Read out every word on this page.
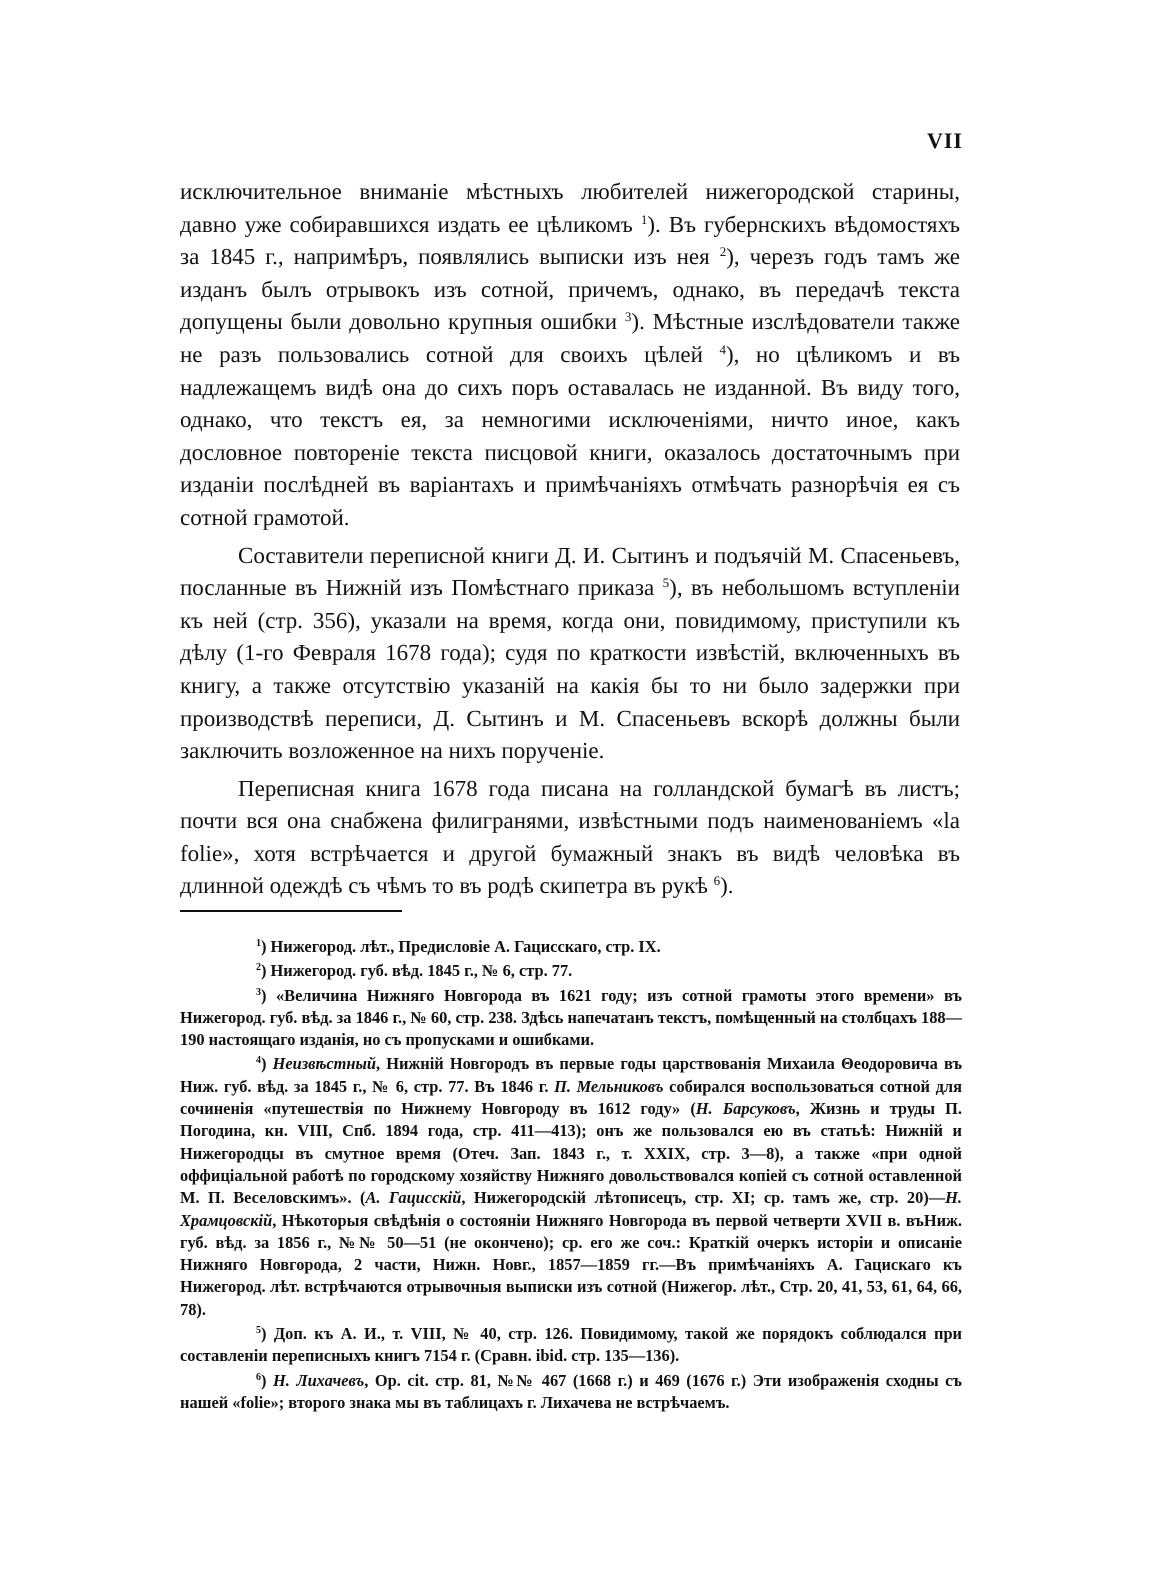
VII

исключительное вниманіе мѣстныхъ любителей нижегородской старины, давно уже собиравшихся издать ее цѣликомъ $^1$). Въ губернскихъ вѣдомостяхъ за 1845 г., напримѣръ, появлялись выписки изъ нея $^2$), черезъ годъ тамъ же изданъ былъ отрывокъ изъ сотной, причемъ, однако, въ передачѣ текста допущены были довольно крупныя ошибки $^3$). Мѣстные изслѣдователи также не разъ пользовались сотной для своихъ цѣлей $^4$), но цѣликомъ и въ надлежащемъ видѣ она до сихъ поръ оставалась не изданной. Въ виду того, однако, что текстъ ея, за немногими исключеніями, ничто иное, какъ дословное повтореніе текста писцовой книги, оказалось достаточнымъ при изданіи послѣдней въ варіантахъ и примѣчаніяхъ отмѣчать разнорѣчія ея съ сотной грамотой.

Составители переписной книги Д. И. Сытинъ и подъячій М. Спасеньевъ, посланные въ Нижній изъ Помѣстнаго приказа $^5$), въ небольшомъ вступленіи къ ней (стр. 356), указали на время, когда они, повидимому, приступили къ дѣлу (1-го Февраля 1678 года); судя по краткости извѣстій, включенныхъ въ книгу, а также отсутствію указаній на какія бы то ни было задержки при производствѣ переписи, Д. Сытинъ и М. Спасеньевъ вскорѣ должны были заключить возложенное на нихъ порученіе.

Переписная книга 1678 года писана на голландской бумагѣ въ листъ; почти вся она снабжена филигранями, извѣстными подъ наименованіемъ «la folie», хотя встрѣчается и другой бумажный знакъ въ видѣ человѣка въ длинной одеждѣ съ чѣмъ то въ родѣ скипетра въ рукѣ $^6$).

$^1$) Нижегород. лѣт., Предисловіе А. Гацисскаго, стр. IX.

$^2$) Нижегород. губ. вѣд. 1845 г., № 6, стр. 77.

$^3$) «Величина Нижняго Новгорода въ 1621 году; изъ сотной грамоты этого времени» въ Нижегород. губ. вѣд. за 1846 г., № 60, стр. 238. Здѣсь напечатанъ текстъ, помѣщенный на столбцахъ 188—190 настоящаго изданія, но съ пропусками и ошибками.

$^4$) Неизвѣстный, Нижній Новгородъ въ первые годы царствованія Михаила Θеодоровича въ Ниж. губ. вѣд. за 1845 г., № 6, стр. 77. Въ 1846 г. П. Мельниковъ собирался воспользоваться сотной для сочиненія «путешествія по Нижнему Новгороду въ 1612 году» (Н. Барсуковъ, Жизнь и труды П. Погодина, кн. VIII, Спб. 1894 года, стр. 411—413); онъ же пользовался ею въ статьѣ: Нижній и Нижегородцы въ смутное время (Отеч. Зап. 1843 г., т. XXIX, стр. 3—8), а также «при одной оффиціальной работѣ по городскому хозяйству Нижняго довольствовался копіей съ сотной оставленной М. П. Веселовскимъ». (А. Гацисскій, Нижегородскій лѣтописецъ, стр. XI; ср. тамъ же, стр. 20)—Н. Храмцовскій, Нѣкоторыя свѣдѣнія о состояніи Нижняго Новгорода въ первой четверти XVII в. въНиж. губ. вѣд. за 1856 г., №№ 50—51 (не окончено); ср. его же соч.: Краткій очеркъ исторіи и описаніе Нижняго Новгорода, 2 части, Нижн. Новг., 1857—1859 гг.—Въ примѣчаніяхъ А. Гацискаго къ Нижегород. лѣт. встрѣчаются отрывочныя выписки изъ сотной (Нижегор. лѣт., Стр. 20, 41, 53, 61, 64, 66, 78).

$^5$) Доп. къ А. И., т. VIII, № 40, стр. 126. Повидимому, такой же порядокъ соблюдался при составленіи переписныхъ книгъ 7154 г. (Сравн. ibid. стр. 135—136).

$^6$) Н. Лихачевъ, Op. cit. стр. 81, №№ 467 (1668 г.) и 469 (1676 г.) Эти изображенія сходны съ нашей «folie»; второго знака мы въ таблицахъ г. Лихачева не встрѣчаемъ.
